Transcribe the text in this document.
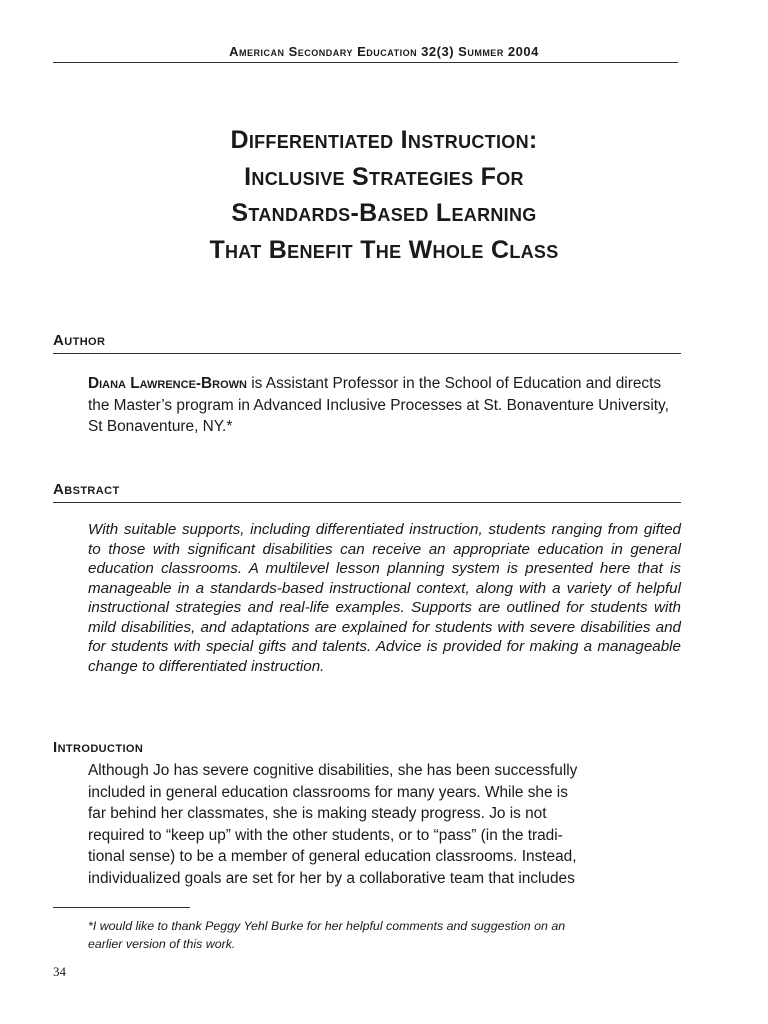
American Secondary Education 32(3) Summer 2004
Differentiated Instruction:
Inclusive Strategies For
Standards-Based Learning
That Benefit The Whole Class
Author
Diana Lawrence-Brown is Assistant Professor in the School of Education and directs the Master’s program in Advanced Inclusive Processes at St. Bonaventure University, St Bonaventure, NY.*
Abstract
With suitable supports, including differentiated instruction, students ranging from gifted to those with significant disabilities can receive an appropriate education in general education classrooms. A multilevel lesson planning system is presented here that is manageable in a standards-based instructional context, along with a variety of helpful instructional strategies and real-life examples. Supports are outlined for students with mild disabilities, and adaptations are explained for students with severe disabilities and for students with special gifts and talents. Advice is provided for making a manageable change to differentiated instruction.
Introduction
Although Jo has severe cognitive disabilities, she has been successfully
included in general education classrooms for many years. While she is
far behind her classmates, she is making steady progress. Jo is not
required to “keep up” with the other students, or to “pass” (in the tradi-
tional sense) to be a member of general education classrooms. Instead,
individualized goals are set for her by a collaborative team that includes
*I would like to thank Peggy Yehl Burke for her helpful comments and suggestion on an
earlier version of this work.
34
